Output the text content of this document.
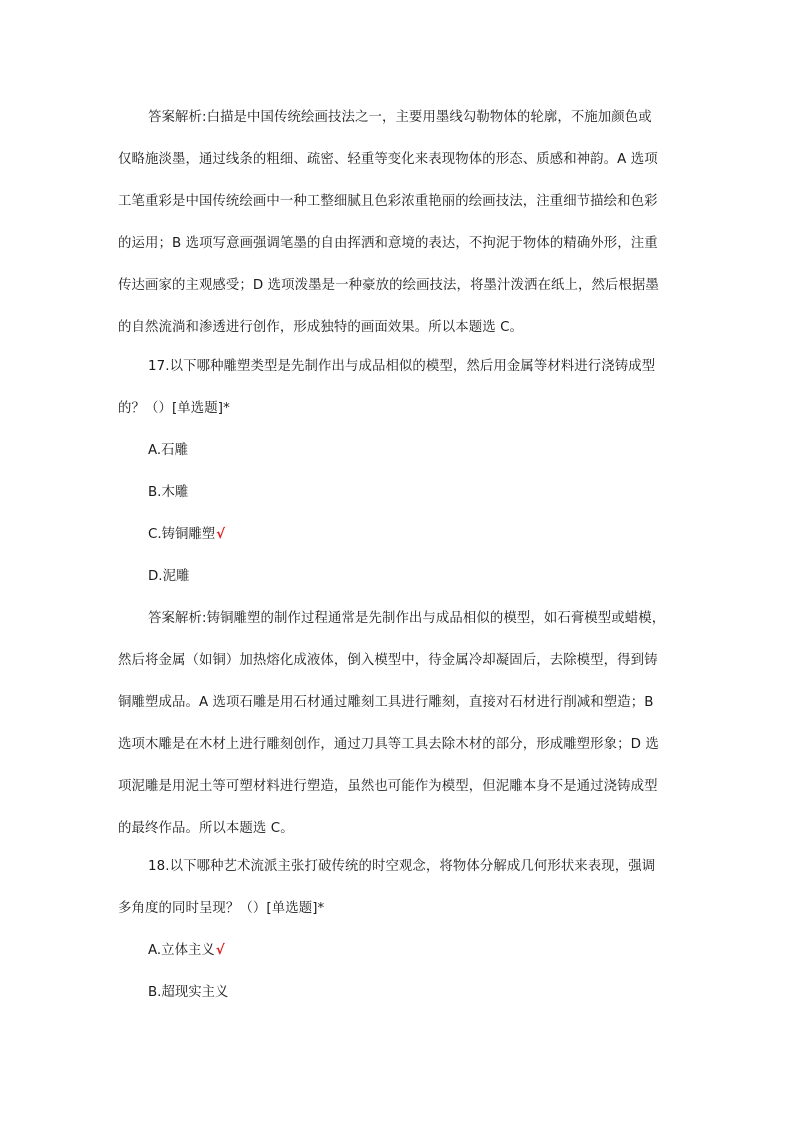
答案解析:白描是中国传统绘画技法之一，主要用墨线勾勒物体的轮廓，不施加颜色或
仅略施淡墨，通过线条的粗细、疏密、轻重等变化来表现物体的形态、质感和神韵。A 选项
工笔重彩是中国传统绘画中一种工整细腻且色彩浓重艳丽的绘画技法，注重细节描绘和色彩
的运用；B 选项写意画强调笔墨的自由挥洒和意境的表达，不拘泥于物体的精确外形，注重
传达画家的主观感受；D 选项泼墨是一种豪放的绘画技法，将墨汁泼洒在纸上，然后根据墨
的自然流淌和渗透进行创作，形成独特的画面效果。所以本题选 C。
17.以下哪种雕塑类型是先制作出与成品相似的模型，然后用金属等材料进行浇铸成型
的？（）[单选题]*
A.石雕
B.木雕
C.铸铜雕塑√
D.泥雕
答案解析:铸铜雕塑的制作过程通常是先制作出与成品相似的模型，如石膏模型或蜡模，
然后将金属（如铜）加热熔化成液体，倒入模型中，待金属冷却凝固后，去除模型，得到铸
铜雕塑成品。A 选项石雕是用石材通过雕刻工具进行雕刻，直接对石材进行削减和塑造；B
选项木雕是在木材上进行雕刻创作，通过刀具等工具去除木材的部分，形成雕塑形象；D 选
项泥雕是用泥土等可塑材料进行塑造，虽然也可能作为模型，但泥雕本身不是通过浇铸成型
的最终作品。所以本题选 C。
18.以下哪种艺术流派主张打破传统的时空观念，将物体分解成几何形状来表现，强调
多角度的同时呈现？（）[单选题]*
A.立体主义√
B.超现实主义
